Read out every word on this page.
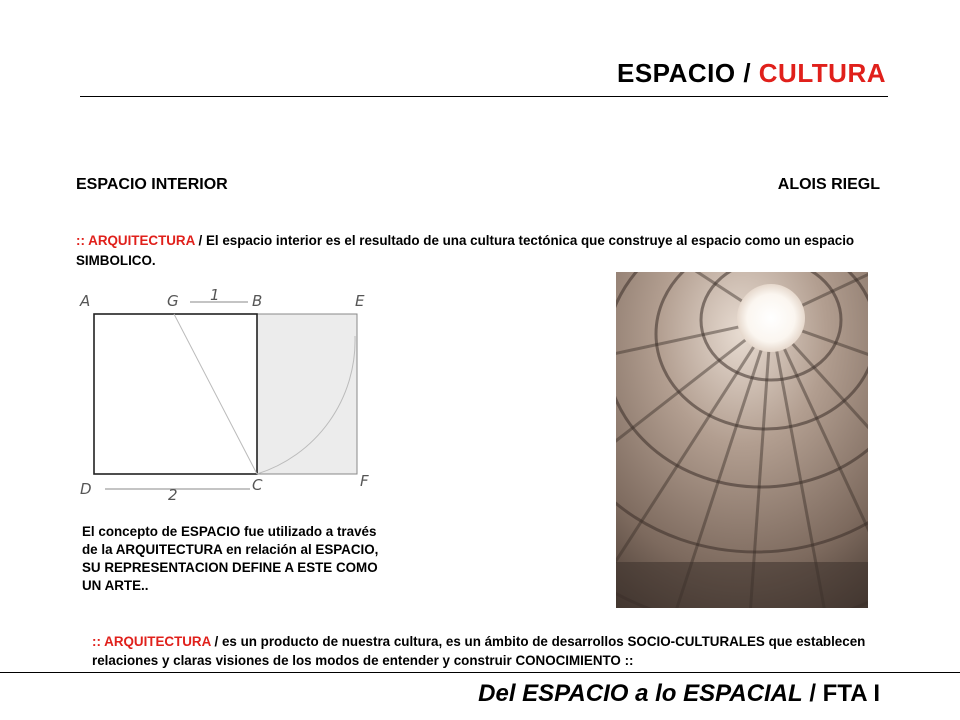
ESPACIO / CULTURA
ESPACIO INTERIOR	ALOIS RIEGL
:: ARQUITECTURA / El espacio interior es el resultado de una cultura tectónica que construye al espacio como un espacio SIMBOLICO.
A	G 1 B	E
D	2
C	F
El concepto de ESPACIO fue utilizado a través de la ARQUITECTURA en relación al ESPACIO, SU REPRESENTACION DEFINE A ESTE COMO UN ARTE..
:: ARQUITECTURA / es un producto de nuestra cultura, es un ámbito de desarrollos SOCIO-CULTURALES que establecen relaciones y claras visiones de los modos de entender y construir CONOCIMIENTO ::
Del ESPACIO a lo ESPACIAL / FTA I
